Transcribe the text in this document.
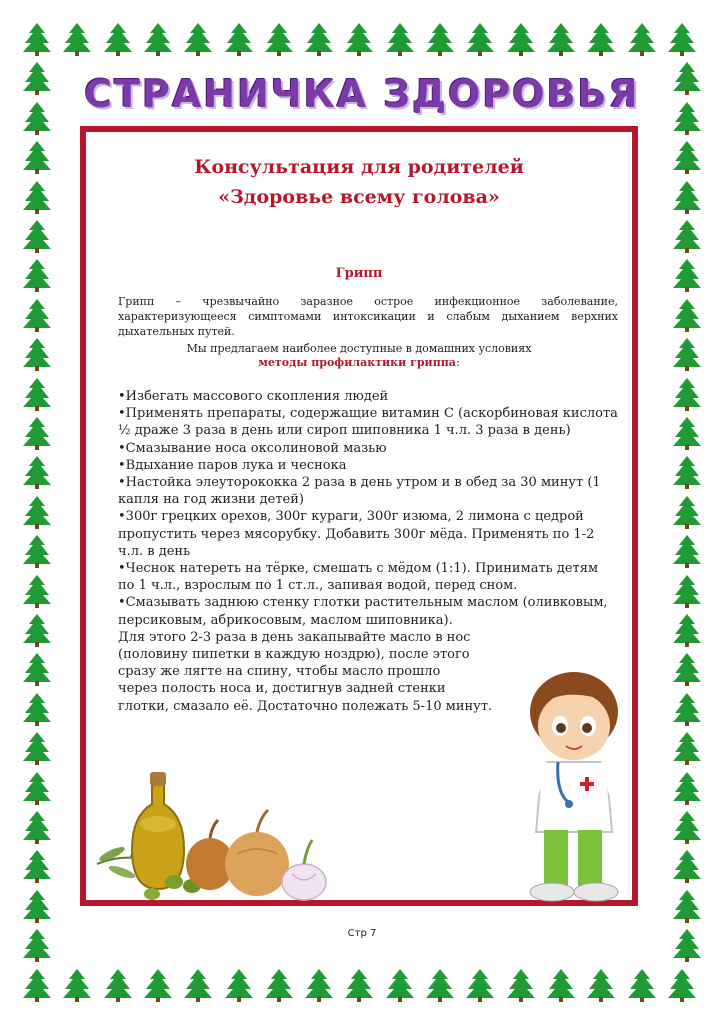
СТРАНИЧКА ЗДОРОВЬЯ
Консультация для родителей
«Здоровье всему голова»
Грипп
Грипп – чрезвычайно заразное острое инфекционное заболевание, характеризующееся симптомами интоксикации и слабым дыханием верхних дыхательных путей.
Мы предлагаем наиболее доступные в домашних условиях
методы профилактики гриппа:

•Избегать массового скопления людей

•Применять препараты, содержащие витамин С (аскорбиновая кислота ½ драже 3 раза в день или сироп шиповника 1 ч.л. 3 раза в день)

•Смазывание носа оксолиновой мазью

•Вдыхание паров лука и чеснока

•Настойка элеуторококка 2 раза в день утром и в обед за 30 минут (1 капля на год жизни детей)

•300г грецких орехов, 300г кураги, 300г изюма, 2 лимона с цедрой пропустить через мясорубку. Добавить 300г мёда. Применять по 1-2 ч.л. в день

•Чеснок натереть на тёрке, смешать с мёдом (1:1). Принимать детям по 1 ч.л., взрослым по 1 ст.л., запивая водой, перед сном.

•Смазывать заднюю стенку глотки растительным маслом (оливковым, персиковым, абрикосовым, маслом шиповника).

Для этого 2-3 раза в день закапывайте масло в нос

(половину пипетки в каждую ноздрю), после этого

сразу же лягте на спину, чтобы масло прошло

через полость носа и, достигнув задней стенки

глотки, смазало её. Достаточно полежать 5-10 минут.

Стр 7
